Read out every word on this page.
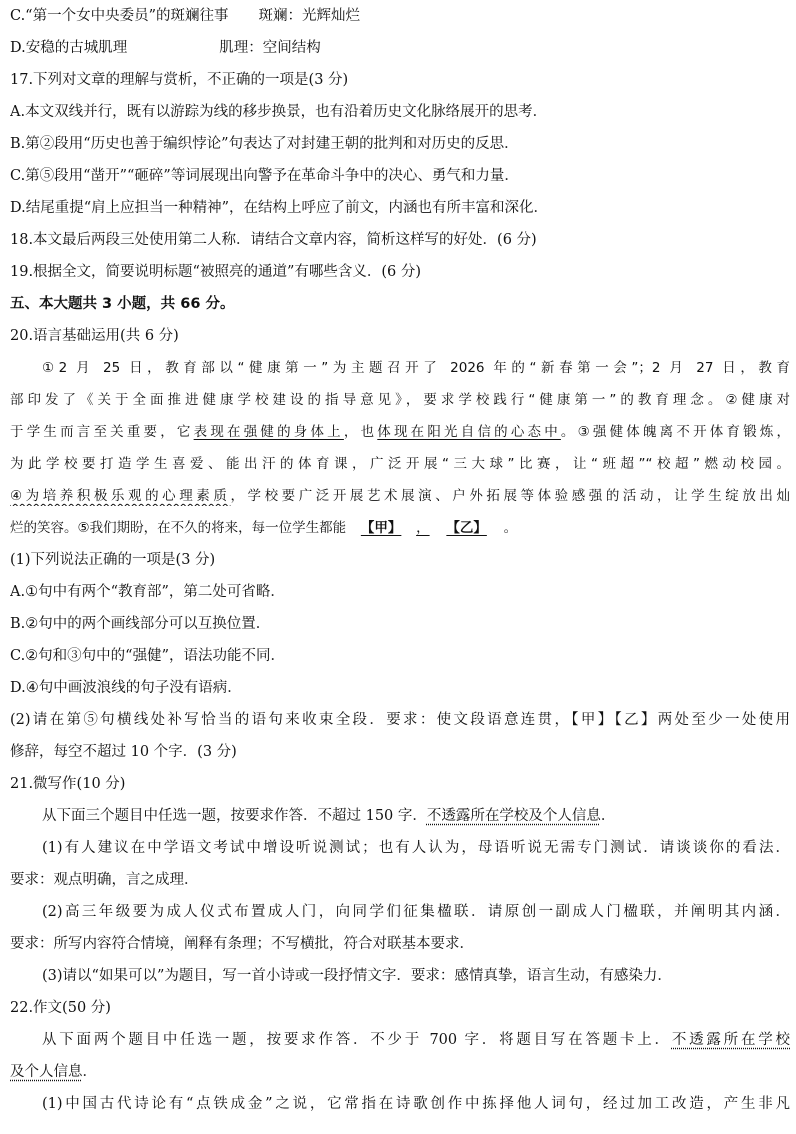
C.“第一个女中央委员”的斑斓往事 斑斓：光辉灿烂
D.安稳的古城肌理	肌理：空间结构
17.下列对文章的理解与赏析，不正确的一项是(3 分)
A.本文双线并行，既有以游踪为线的移步换景，也有沿着历史文化脉络展开的思考．
B.第②段用“历史也善于编织悖论”句表达了对封建王朝的批判和对历史的反思．
C.第⑤段用“凿开”“砸碎”等词展现出向警予在革命斗争中的决心、勇气和力量．
D.结尾重提“肩上应担当一种精神”，在结构上呼应了前文，内涵也有所丰富和深化．
18.本文最后两段三处使用第二人称．请结合文章内容，简析这样写的好处．(6 分)
19.根据全文，简要说明标题“被照亮的通道”有哪些含义．(6 分)
五、本大题共 3 小题，共 66 分。
20.语言基础运用(共 6 分)
①2 月 25 日，教育部以“健康第一”为主题召开了 2026 年的“新春第一会”；2 月 27 日，教育
部印发了《关于全面推进健康学校建设的指导意见》，要求学校践行“健康第一”的教育理念。②健康对
于学生而言至关重要，它表现在强健的身体上，也体现在阳光自信的心态中。③强健体魄离不开体育锻炼，
为此学校要打造学生喜爱、能出汗的体育课，广泛开展“三大球”比赛，让“班超”“校超”燃动校园。
④为培养积极乐观的心理素质，学校要广泛开展艺术展演、户外拓展等体验感强的活动，让学生绽放出灿
烂的笑容。⑤我们期盼，在不久的将来，每一位学生都能 【甲】 ， 【乙】 。
(1)下列说法正确的一项是(3 分)
A.①句中有两个“教育部”，第二处可省略．
B.②句中的两个画线部分可以互换位置．
C.②句和③句中的“强健”，语法功能不同．
D.④句中画波浪线的句子没有语病．
(2)请在第⑤句横线处补写恰当的语句来收束全段．要求：使文段语意连贯，【甲】【乙】两处至少一处使用
修辞，每空不超过 10 个字．(3 分)
21.微写作(10 分)
从下面三个题目中任选一题，按要求作答．不超过 150 字．不透露所在学校及个人信息．
(1)有人建议在中学语文考试中增设听说测试；也有人认为，母语听说无需专门测试．请谈谈你的看法．
要求：观点明确，言之成理．
(2)高三年级要为成人仪式布置成人门，向同学们征集楹联．请原创一副成人门楹联，并阐明其内涵．
要求：所写内容符合情境，阐释有条理；不写横批，符合对联基本要求．
(3)请以“如果可以”为题目，写一首小诗或一段抒情文字．要求：感情真挚，语言生动，有感染力．
22.作文(50 分)
从下面两个题目中任选一题，按要求作答．不少于 700 字．将题目写在答题卡上．不透露所在学校
及个人信息．
(1)中国古代诗论有“点铁成金”之说，它常指在诗歌创作中拣择他人词句，经过加工改造，产生非凡
